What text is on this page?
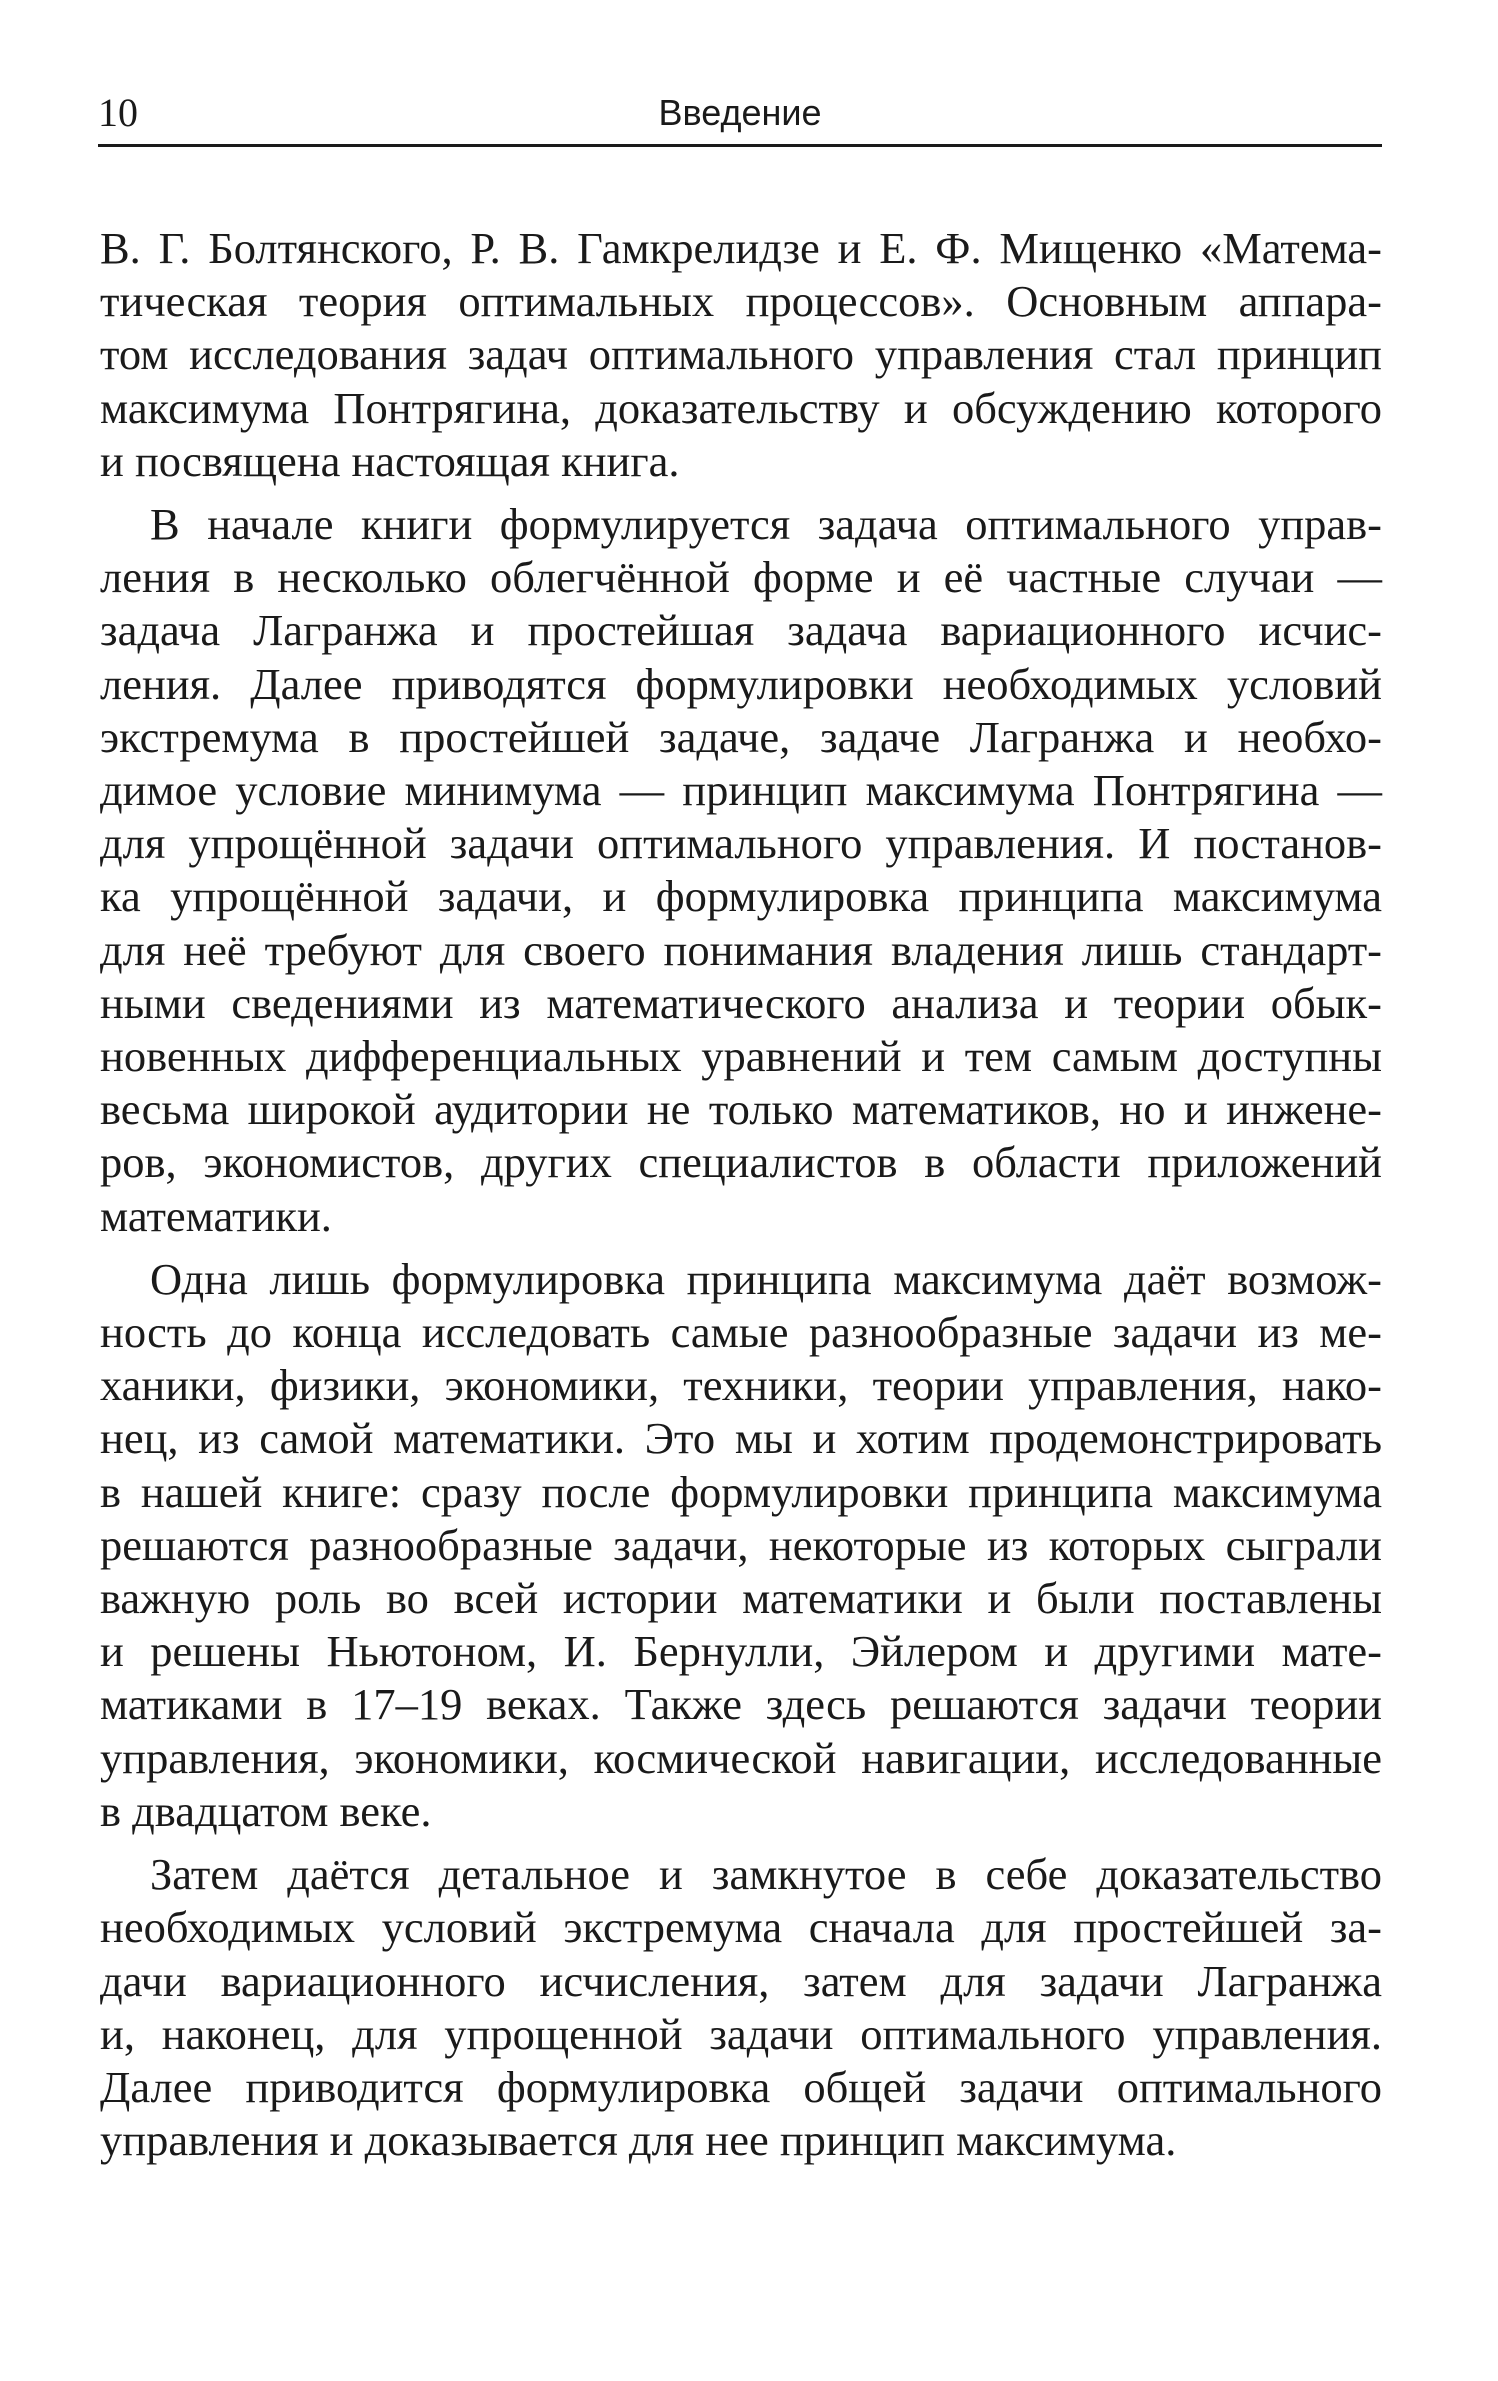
10	Введение

В. Г. Болтянского, Р. В. Гамкрелидзе и Е. Ф. Мищенко «Матема-
тическая теория оптимальных процессов». Основным аппара-
том исследования задач оптимального управления стал принцип
максимума Понтрягина, доказательству и обсуждению которого
и посвящена настоящая книга.

В начале книги формулируется задача оптимального управ-
ления в несколько облегчённой форме и её частные случаи —
задача Лагранжа и простейшая задача вариационного исчис-
ления. Далее приводятся формулировки необходимых условий
экстремума в простейшей задаче, задаче Лагранжа и необхо-
димое условие минимума — принцип максимума Понтрягина —
для упрощённой задачи оптимального управления. И постанов-
ка упрощённой задачи, и формулировка принципа максимума
для неё требуют для своего понимания владения лишь стандарт-
ными сведениями из математического анализа и теории обык-
новенных дифференциальных уравнений и тем самым доступны
весьма широкой аудитории не только математиков, но и инжене-
ров, экономистов, других специалистов в области приложений
математики.

Одна лишь формулировка принципа максимума даёт возмож-
ность до конца исследовать самые разнообразные задачи из ме-
ханики, физики, экономики, техники, теории управления, нако-
нец, из самой математики. Это мы и хотим продемонстрировать
в нашей книге: сразу после формулировки принципа максимума
решаются разнообразные задачи, некоторые из которых сыграли
важную роль во всей истории математики и были поставлены
и решены Ньютоном, И. Бернулли, Эйлером и другими мате-
матиками в 17–19 веках. Также здесь решаются задачи теории
управления, экономики, космической навигации, исследованные
в двадцатом веке.

Затем даётся детальное и замкнутое в себе доказательство
необходимых условий экстремума сначала для простейшей за-
дачи вариационного исчисления, затем для задачи Лагранжа
и, наконец, для упрощенной задачи оптимального управления.
Далее приводится формулировка общей задачи оптимального
управления и доказывается для нее принцип максимума.
